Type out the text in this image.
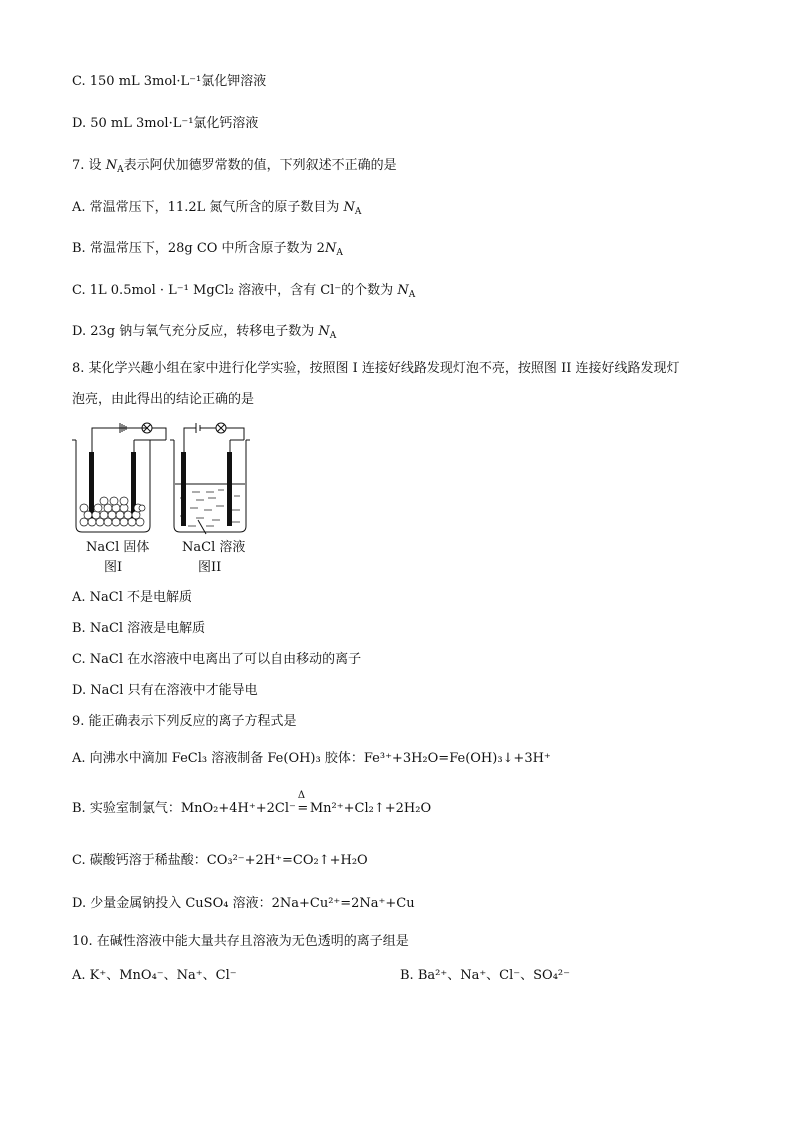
C. 150 mL 3mol·L⁻¹氯化钾溶液
D. 50 mL 3mol·L⁻¹氯化钙溶液
7. 设 $N_A$表示阿伏加德罗常数的值，下列叙述不正确的是
A. 常温常压下，11.2L 氮气所含的原子数目为 $N_A$
B. 常温常压下，28g CO 中所含原子数为 $2N_A$
C. 1L 0.5mol · L⁻¹ MgCl₂ 溶液中，含有 Cl⁻的个数为 $N_A$
D. 23g 钠与氧气充分反应，转移电子数为 $N_A$
8. 某化学兴趣小组在家中进行化学实验，按照图 I 连接好线路发现灯泡不亮，按照图 II 连接好线路发现灯
泡亮，由此得出的结论正确的是
NaCl 固体
图I
NaCl 溶液
图II
A. NaCl 不是电解质
B. NaCl 溶液是电解质
C. NaCl 在水溶液中电离出了可以自由移动的离子
D. NaCl 只有在溶液中才能导电
9. 能正确表示下列反应的离子方程式是
A. 向沸水中滴加 FeCl₃ 溶液制备 Fe(OH)₃ 胶体：Fe³⁺+3H₂O=Fe(OH)₃↓+3H⁺
B. 实验室制氯气：MnO₂+4H⁺+2Cl⁻
Δ
= Mn²⁺+Cl₂↑+2H₂O
C. 碳酸钙溶于稀盐酸：CO₃²⁻+2H⁺=CO₂↑+H₂O
D. 少量金属钠投入 CuSO₄ 溶液：2Na+Cu²⁺=2Na⁺+Cu
10. 在碱性溶液中能大量共存且溶液为无色透明的离子组是
A. K⁺、MnO₄⁻、Na⁺、Cl⁻	B. Ba²⁺、Na⁺、Cl⁻、SO₄²⁻
